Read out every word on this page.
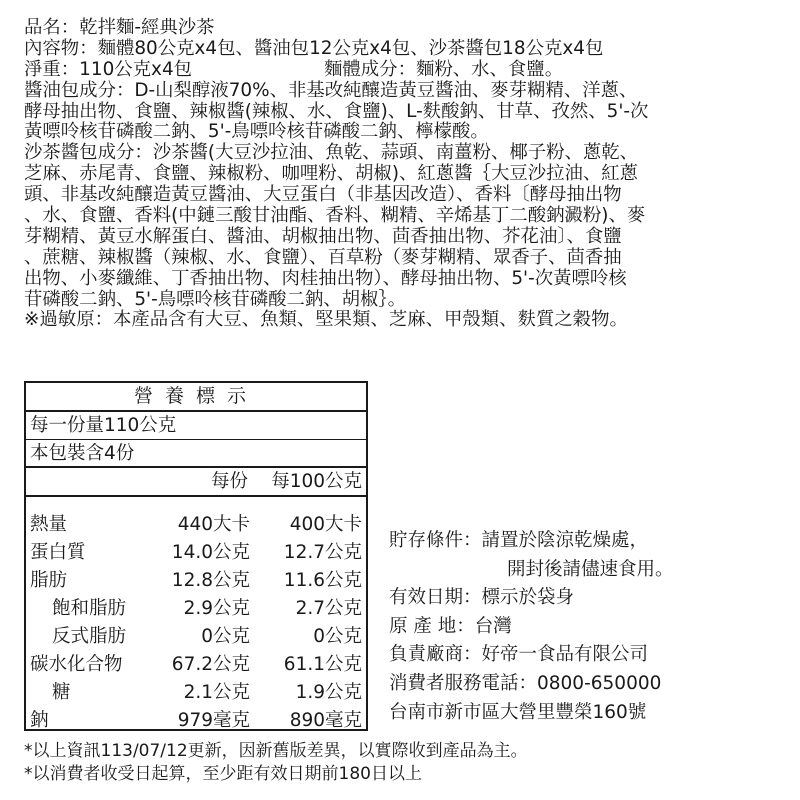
品名：乾拌麵-經典沙茶
內容物：麵體80公克x4包、醬油包12公克x4包、沙茶醬包18公克x4包
淨重：110公克x4包	麵體成分：麵粉、水、食鹽。
醬油包成分：D-山梨醇液70%、非基改純釀造黃豆醬油、麥芽糊精、洋蔥、
酵母抽出物、食鹽、辣椒醬(辣椒、水、食鹽)、L-麩酸鈉、甘草、孜然、5'-次
黃嘌呤核苷磷酸二鈉、5'-鳥嘌呤核苷磷酸二鈉、檸檬酸。
沙茶醬包成分：沙茶醬(大豆沙拉油、魚乾、蒜頭、南薑粉、椰子粉、蔥乾、
芝麻、赤尾青、食鹽、辣椒粉、咖哩粉、胡椒)、紅蔥醬｛大豆沙拉油、紅蔥
頭、非基改純釀造黃豆醬油、大豆蛋白（非基因改造）、香料〔酵母抽出物
、水、食鹽、香料(中鏈三酸甘油酯、香料、糊精、辛烯基丁二酸鈉澱粉)、麥
芽糊精、黃豆水解蛋白、醬油、胡椒抽出物、茴香抽出物、芥花油〕、食鹽
、蔗糖、辣椒醬（辣椒、水、食鹽）、百草粉（麥芽糊精、眾香子、茴香抽
出物、小麥纖維、丁香抽出物、肉桂抽出物）、酵母抽出物、5'-次黃嘌呤核
苷磷酸二鈉、5'-鳥嘌呤核苷磷酸二鈉、胡椒｝。
※過敏原：本產品含有大豆、魚類、堅果類、芝麻、甲殼類、麩質之穀物。
營養標示
每一份量110公克
本包裝含4份
每份 每100公克
熱量	440大卡 400大卡
蛋白質	14.0公克 12.7公克
脂肪	12.8公克 11.6公克
飽和脂肪	2.9公克 2.7公克
反式脂肪	0公克	0公克
碳水化合物	67.2公克 61.1公克
糖	2.1公克 1.9公克
鈉	979毫克 890毫克
貯存條件：請置於陰涼乾燥處，
開封後請儘速食用。
有效日期：標示於袋身
原 產 地：台灣
負責廠商：好帝一食品有限公司
消費者服務電話：0800-650000
台南市新市區大營里豐榮160號
*以上資訊113/07/12更新，因新舊版差異，以實際收到產品為主。
*以消費者收受日起算，至少距有效日期前180日以上
